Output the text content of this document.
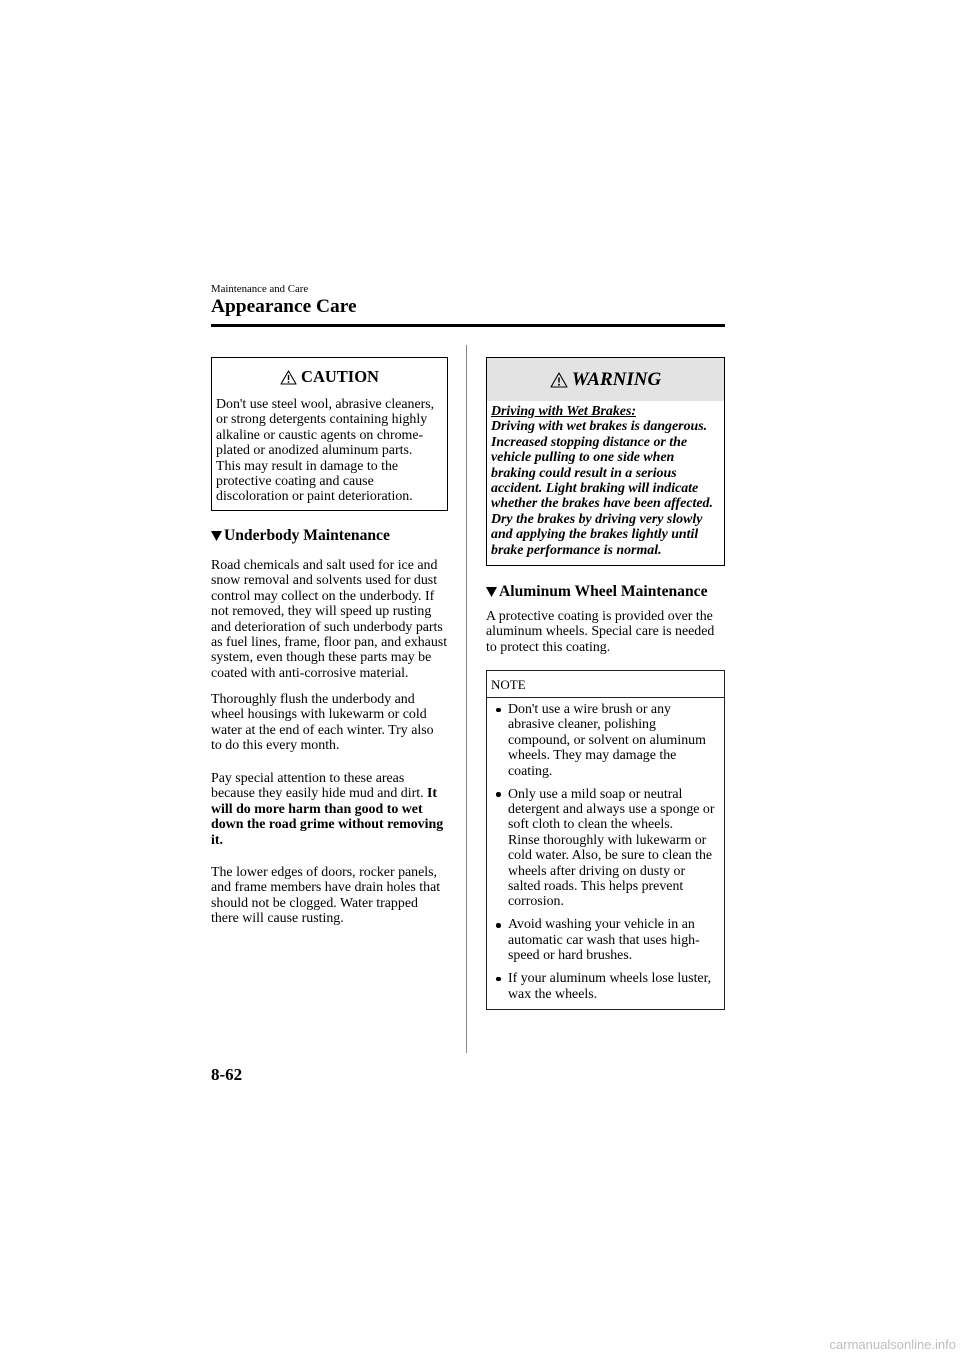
Maintenance and Care
Appearance Care
CAUTION
Don't use steel wool, abrasive cleaners,
or strong detergents containing highly
alkaline or caustic agents on chrome-
plated or anodized aluminum parts.
This may result in damage to the
protective coating and cause
discoloration or paint deterioration.
Underbody Maintenance
Road chemicals and salt used for ice and
snow removal and solvents used for dust
control may collect on the underbody. If
not removed, they will speed up rusting
and deterioration of such underbody parts
as fuel lines, frame, floor pan, and exhaust
system, even though these parts may be
coated with anti-corrosive material.
Thoroughly flush the underbody and
wheel housings with lukewarm or cold
water at the end of each winter. Try also
to do this every month.
Pay special attention to these areas
because they easily hide mud and dirt. It
will do more harm than good to wet
down the road grime without removing
it.
The lower edges of doors, rocker panels,
and frame members have drain holes that
should not be clogged. Water trapped
there will cause rusting.
WARNING
Driving with Wet Brakes:
Driving with wet brakes is dangerous.
Increased stopping distance or the
vehicle pulling to one side when
braking could result in a serious
accident. Light braking will indicate
whether the brakes have been affected.
Dry the brakes by driving very slowly
and applying the brakes lightly until
brake performance is normal.
Aluminum Wheel Maintenance
A protective coating is provided over the
aluminum wheels. Special care is needed
to protect this coating.
NOTE
Don't use a wire brush or any
abrasive cleaner, polishing
compound, or solvent on aluminum
wheels. They may damage the
coating.
Only use a mild soap or neutral
detergent and always use a sponge or
soft cloth to clean the wheels.
Rinse thoroughly with lukewarm or
cold water. Also, be sure to clean the
wheels after driving on dusty or
salted roads. This helps prevent
corrosion.
Avoid washing your vehicle in an
automatic car wash that uses high-
speed or hard brushes.
If your aluminum wheels lose luster,
wax the wheels.
8-62
carmanualsonline.info
